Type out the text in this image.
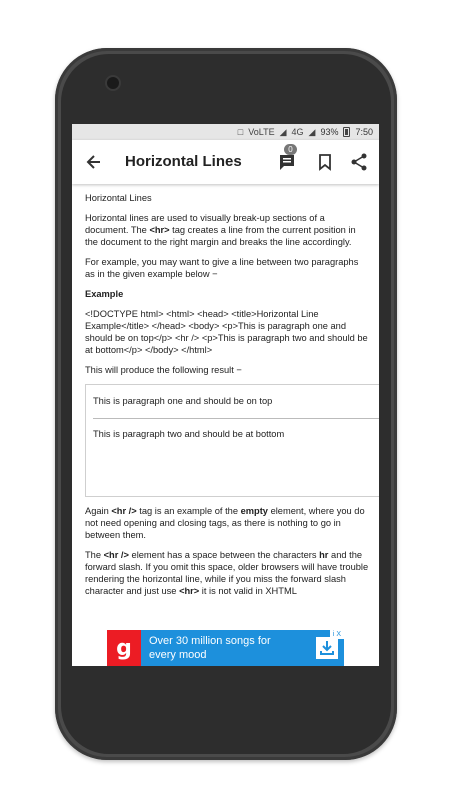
□ VoLTE ◢ 4G ◢ 93% 7:50
Horizontal Lines
0

Horizontal Lines

Horizontal lines are used to visually break-up sections of a document. The <hr> tag creates a line from the current position in the document to the right margin and breaks the line accordingly.

For example, you may want to give a line between two paragraphs as in the given example below −

Example

<!DOCTYPE html> <html> <head> <title>Horizontal Line Example</title> </head> <body> <p>This is paragraph one and should be on top</p> <hr /> <p>This is paragraph two and should be at bottom</p> </body> </html>

This will produce the following result −

This is paragraph one and should be on top
This is paragraph two and should be at bottom

Again <hr /> tag is an example of the empty element, where you do not need opening and closing tags, as there is nothing to go in between them.

The <hr /> element has a space between the characters hr and the forward slash. If you omit this space, older browsers will have trouble rendering the horizontal line, while if you miss the forward slash character and just use <hr> it is not valid in XHTML

g	Over 30 million songs for every mood
i X
